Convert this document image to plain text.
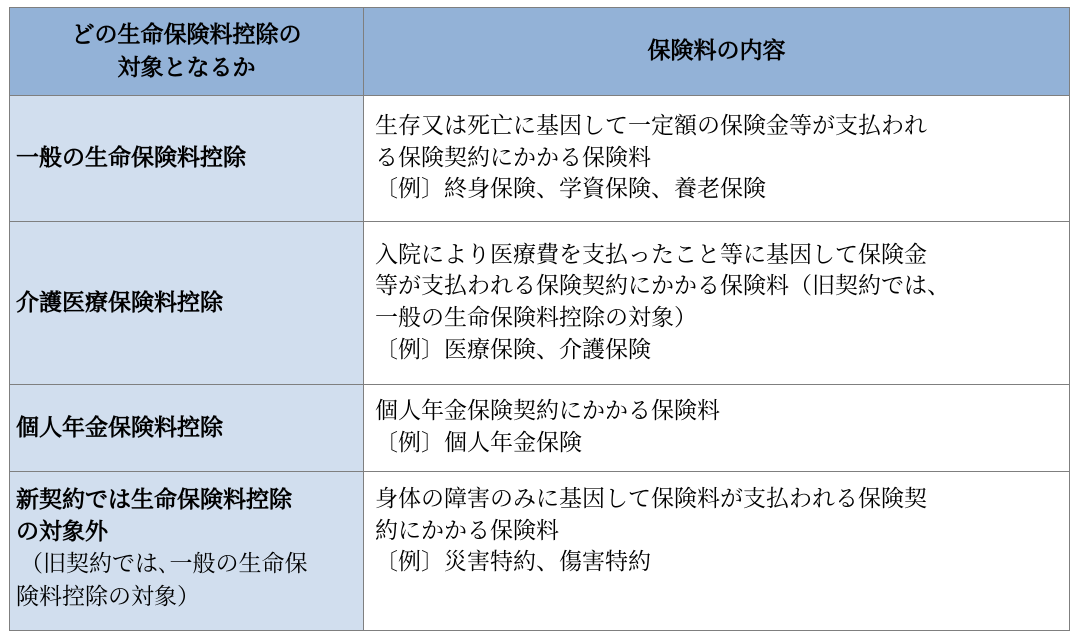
どの生命保険料控除の
対象となるか	保険料の内容

一般の生命保険料控除	生存又は死亡に基因して一定額の保険金等が支払われ
る保険契約にかかる保険料
〔例〕終身保険、学資保険、養老保険

介護医療保険料控除	入院により医療費を支払ったこと等に基因して保険金
等が支払われる保険契約にかかる保険料（旧契約では、
一般の生命保険料控除の対象）
〔例〕医療保険、介護保険

個人年金保険料控除	個人年金保険契約にかかる保険料
〔例〕個人年金保険

新契約では生命保険料控除
の対象外
（旧契約では､一般の生命保
険料控除の対象）	身体の障害のみに基因して保険料が支払われる保険契
約にかかる保険料
〔例〕災害特約、傷害特約
